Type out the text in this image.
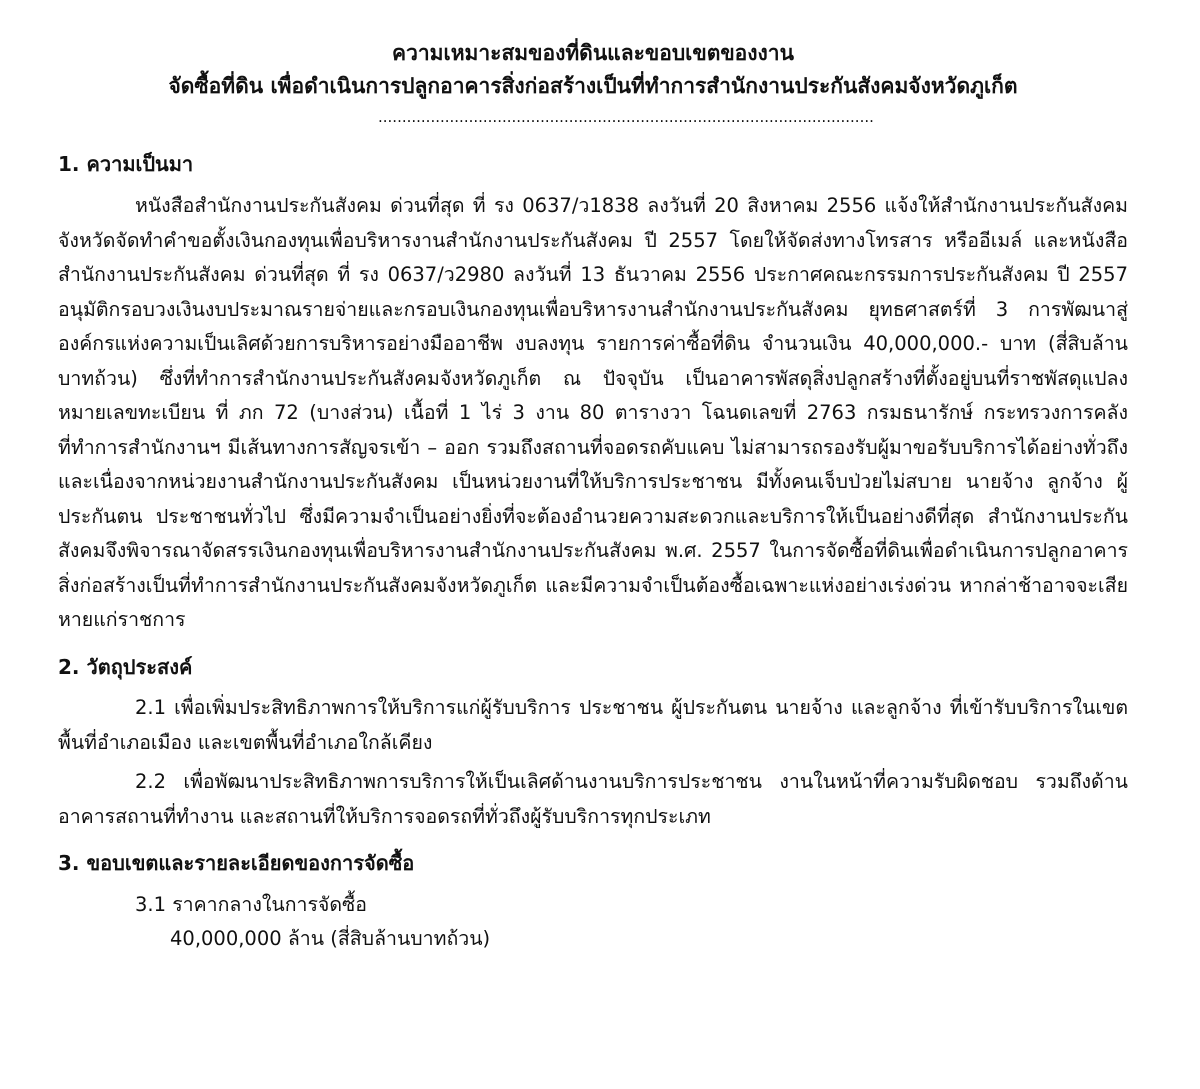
ความเหมาะสมของที่ดินและขอบเขตของงาน

จัดซื้อที่ดิน เพื่อดำเนินการปลูกอาคารสิ่งก่อสร้างเป็นที่ทำการสำนักงานประกันสังคมจังหวัดภูเก็ต

........................................................................................................

1. ความเป็นมา

หนังสือสำนักงานประกันสังคม ด่วนที่สุด ที่ รง 0637/ว1838 ลงวันที่ 20 สิงหาคม 2556 แจ้งให้สำนักงานประกันสังคมจังหวัดจัดทำคำขอตั้งเงินกองทุนเพื่อบริหารงานสำนักงานประกันสังคม ปี 2557 โดยให้จัดส่งทางโทรสาร หรืออีเมล์ และหนังสือสำนักงานประกันสังคม ด่วนที่สุด ที่ รง 0637/ว2980 ลงวันที่ 13 ธันวาคม 2556 ประกาศคณะกรรมการประกันสังคม ปี 2557 อนุมัติกรอบวงเงินงบประมาณรายจ่ายและกรอบเงินกองทุนเพื่อบริหารงานสำนักงานประกันสังคม ยุทธศาสตร์ที่ 3 การพัฒนาสู่องค์กรแห่งความเป็นเลิศด้วยการบริหารอย่างมืออาชีพ งบลงทุน รายการค่าซื้อที่ดิน จำนวนเงิน 40,000,000.- บาท (สี่สิบล้านบาทถ้วน) ซึ่งที่ทำการสำนักงานประกันสังคมจังหวัดภูเก็ต ณ ปัจจุบัน เป็นอาคารพัสดุสิ่งปลูกสร้างที่ตั้งอยู่บนที่ราชพัสดุแปลงหมายเลขทะเบียน ที่ ภก 72 (บางส่วน) เนื้อที่ 1 ไร่ 3 งาน 80 ตารางวา โฉนดเลขที่ 2763 กรมธนารักษ์ กระทรวงการคลัง ที่ทำการสำนักงานฯ มีเส้นทางการสัญจรเข้า – ออก รวมถึงสถานที่จอดรถคับแคบ ไม่สามารถรองรับผู้มาขอรับบริการได้อย่างทั่วถึง และเนื่องจากหน่วยงานสำนักงานประกันสังคม เป็นหน่วยงานที่ให้บริการประชาชน มีทั้งคนเจ็บป่วยไม่สบาย นายจ้าง ลูกจ้าง ผู้ประกันตน ประชาชนทั่วไป ซึ่งมีความจำเป็นอย่างยิ่งที่จะต้องอำนวยความสะดวกและบริการให้เป็นอย่างดีที่สุด สำนักงานประกันสังคมจึงพิจารณาจัดสรรเงินกองทุนเพื่อบริหารงานสำนักงานประกันสังคม พ.ศ. 2557 ในการจัดซื้อที่ดินเพื่อดำเนินการปลูกอาคารสิ่งก่อสร้างเป็นที่ทำการสำนักงานประกันสังคมจังหวัดภูเก็ต และมีความจำเป็นต้องซื้อเฉพาะแห่งอย่างเร่งด่วน หากล่าช้าอาจจะเสียหายแก่ราชการ

2. วัตถุประสงค์

2.1 เพื่อเพิ่มประสิทธิภาพการให้บริการแก่ผู้รับบริการ ประชาชน ผู้ประกันตน นายจ้าง และลูกจ้าง ที่เข้ารับบริการในเขตพื้นที่อำเภอเมือง และเขตพื้นที่อำเภอใกล้เคียง

2.2 เพื่อพัฒนาประสิทธิภาพการบริการให้เป็นเลิศด้านงานบริการประชาชน งานในหน้าที่ความรับผิดชอบ รวมถึงด้านอาคารสถานที่ทำงาน และสถานที่ให้บริการจอดรถที่ทั่วถึงผู้รับบริการทุกประเภท

3. ขอบเขตและรายละเอียดของการจัดซื้อ

3.1 ราคากลางในการจัดซื้อ

40,000,000 ล้าน (สี่สิบล้านบาทถ้วน)
